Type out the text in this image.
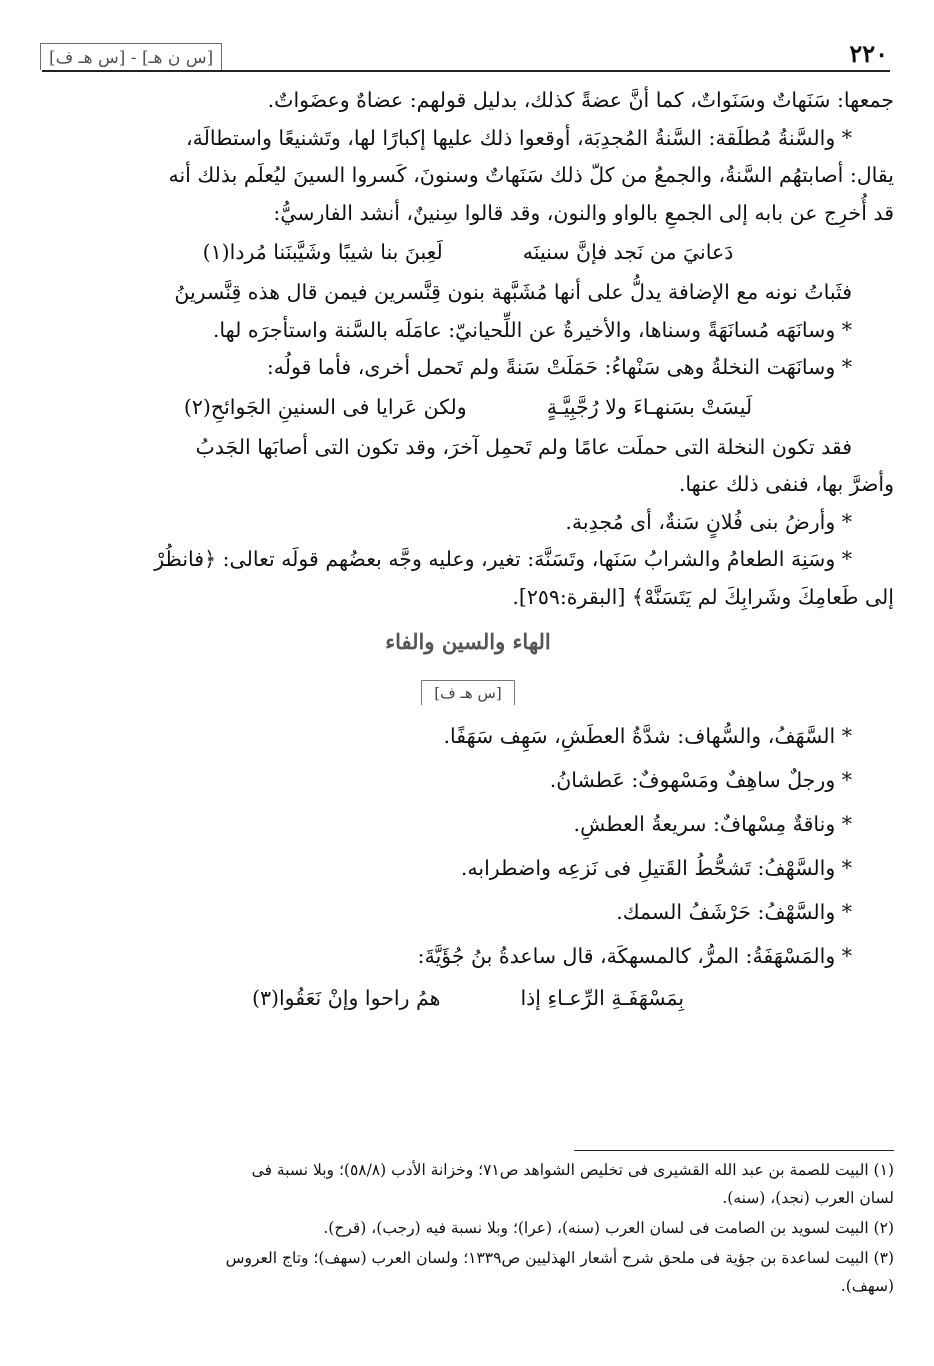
[س ن هـ] - [س هـ ف]	٢٢٠

جمعها: سَنَهاتٌ وسَنَواتٌ، كما أنَّ عضةً كذلك، بدليل قولهم: عضاهٌ وعضَواتٌ.

* والسَّنةُ مُطلَقة: السَّنةُ المُجدِبَة، أوقعوا ذلك عليها إكبارًا لها، وتَشنيعًا واستطالَة،

يقال: أصابتهُم السَّنةُ، والجمعُ من كلّ ذلك سَنَهاتٌ وسنونَ، كَسروا السينَ ليُعلَم بذلك أنه

قد أُخرِج عن بابه إلى الجمعِ بالواو والنون، وقد قالوا سِنينٌ، أنشد الفارسيُّ:

دَعانيَ من نَجد فإنَّ سنينَه
لَعِبنَ بنا شيبًا وشَيَّبنَنا مُردا(١)

فثَباتُ نونه مع الإضافة يدلُّ على أنها مُشَبَّهة بنون قِنَّسرين فيمن قال هذه قِنَّسرينُ

* وسانَهَه مُسانَهَةً وسناها، والأخيرةُ عن اللِّحيانيّ: عامَلَه بالسَّنة واستأجرَه لها.

* وسانَهَت النخلةُ وهى سَنْهاءُ: حَمَلَتْ سَنةً ولم تَحمل أخرى، فأما قولُه:

لَيسَتْ بسَنهـاءَ ولا رُجَّبِيَّـةٍ
ولكن عَرايا فى السنينِ الجَوائحِ(٢)

فقد تكون النخلة التى حملَت عامًا ولم تَحمِل آخرَ، وقد تكون التى أصابَها الجَدبُ

وأضرَّ بها، فنفى ذلك عنها.

* وأرضُ بنى فُلانٍ سَنةٌ، أى مُجدِبة.

* وسَنِهَ الطعامُ والشرابُ سَنَها، وتَسَنَّهَ: تغير، وعليه وجَّه بعضُهم قولَه تعالى: ﴿فانظُرْ

إلى طَعامِكَ وشَرابِكَ لم يَتَسَنَّهْ﴾ [البقرة:٢٥٩].

الهاء والسين والفاء
[س هـ ف]
* السَّهَفُ، والسُّهاف: شدَّةُ العطَشِ، سَهِف سَهَفًا.
* ورجلٌ ساهِفٌ ومَسْهوفٌ: عَطشانُ.
* وناقةٌ مِسْهافٌ: سريعةُ العطشِ.
* والسَّهْفُ: تَشحُّطُ القَتيلِ فى نَزعِه واضطرابه.
* والسَّهْفُ: حَرْشَفُ السمك.
* والمَسْهَفَةُ: المرُّ، كالمسهكَة، قال ساعدةُ بنُ جُؤَيَّةَ:
بِمَسْهَفَـةِ الرِّعـاءِ إذا
همُ راحوا وإنْ نَعَقُوا(٣)

(١) البيت للصمة بن عبد الله القشيرى فى تخليص الشواهد ص٧١؛ وخزانة الأدب (٥٨/٨)؛ وبلا نسبة فى

لسان العرب (نجد)، (سنه).

(٢) البيت لسويد بن الصامت فى لسان العرب (سنه)، (عرا)؛ وبلا نسبة فيه (رجب)، (قرح).

(٣) البيت لساعدة بن جؤية فى ملحق شرح أشعار الهذليين ص١٣٣٩؛ ولسان العرب (سهف)؛ وتاج العروس

(سهف).
